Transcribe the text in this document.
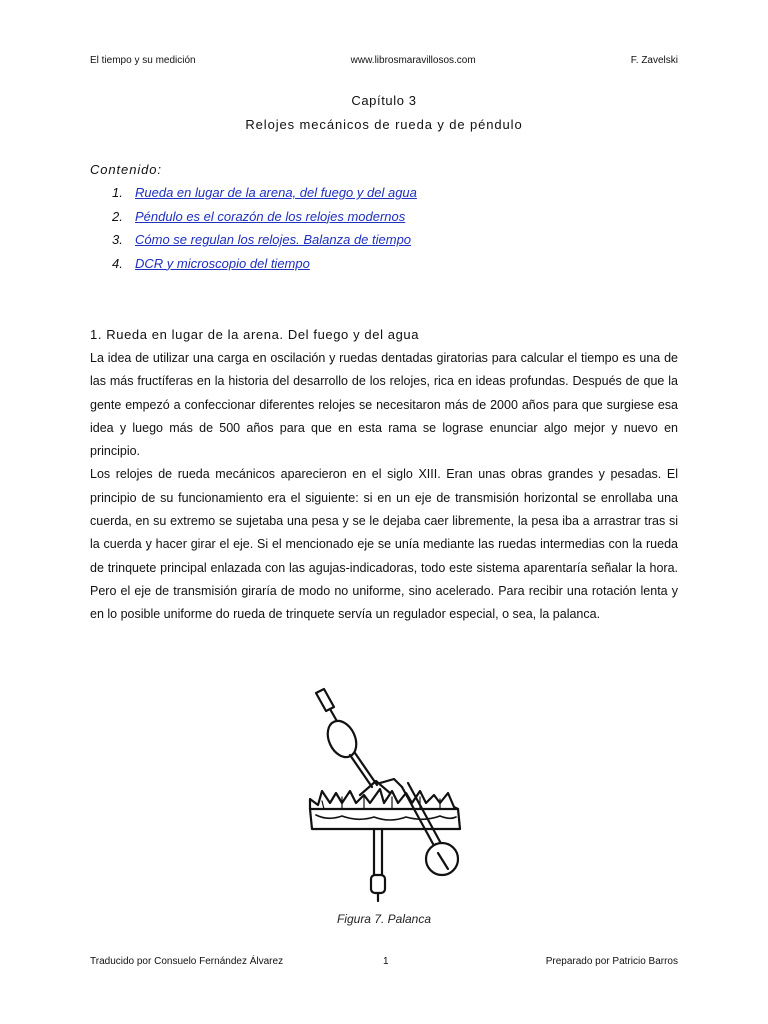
El tiempo y su medición	www.librosmaravillosos.com	F. Zavelski
Capítulo 3
Relojes mecánicos de rueda y de péndulo
Contenido:
1. Rueda en lugar de la arena, del fuego y del agua
2. Péndulo es el corazón de los relojes modernos
3. Cómo se regulan los relojes. Balanza de tiempo
4. DCR y microscopio del tiempo
1. Rueda en lugar de la arena. Del fuego y del agua

La idea de utilizar una carga en oscilación y ruedas dentadas giratorias para calcular el tiempo es una de las más fructíferas en la historia del desarrollo de los relojes, rica en ideas profundas. Después de que la gente empezó a confeccionar diferentes relojes se necesitaron más de 2000 años para que surgiese esa idea y luego más de 500 años para que en esta rama se lograse enunciar algo mejor y nuevo en principio.

Los relojes de rueda mecánicos aparecieron en el siglo XIII. Eran unas obras grandes y pesadas. El principio de su funcionamiento era el siguiente: si en un eje de transmisión horizontal se enrollaba una cuerda, en su extremo se sujetaba una pesa y se le dejaba caer libremente, la pesa iba a arrastrar tras si la cuerda y hacer girar el eje. Si el mencionado eje se unía mediante las ruedas intermedias con la rueda de trinquete principal enlazada con las agujas-indicadoras, todo este sistema aparentaría señalar la hora. Pero el eje de transmisión giraría de modo no uniforme, sino acelerado. Para recibir una rotación lenta y en lo posible uniforme do rueda de trinquete servía un regulador especial, o sea, la palanca.

Figura 7. Palanca
Traducido por Consuelo Fernández Álvarez	1	Preparado por Patricio Barros
